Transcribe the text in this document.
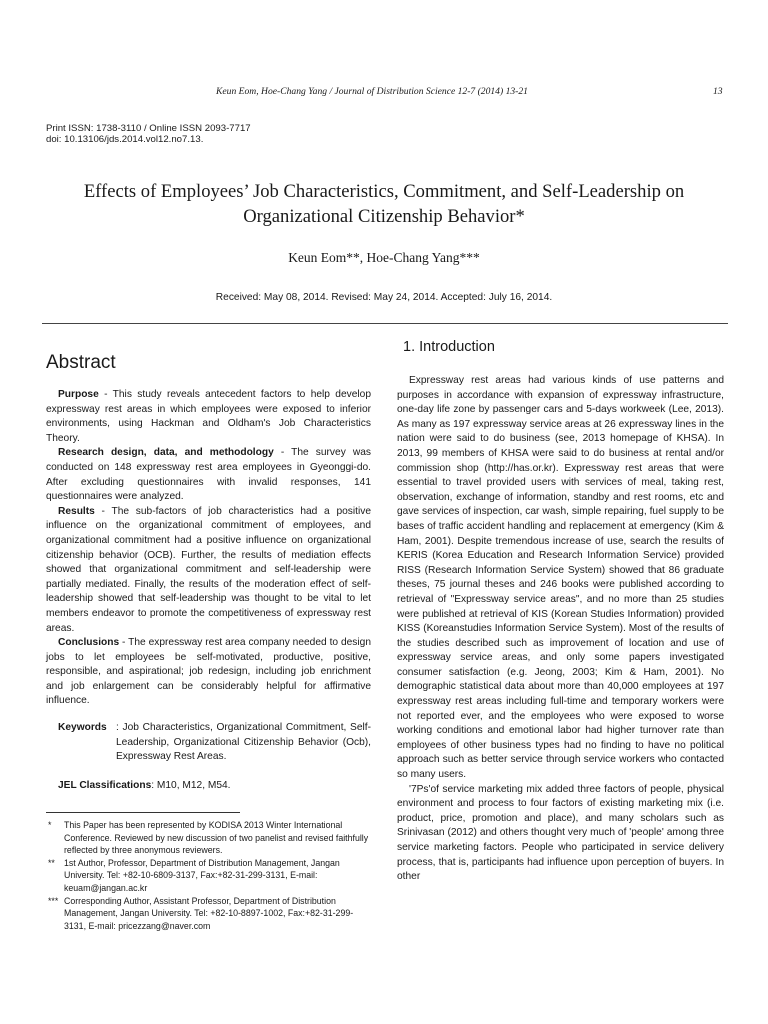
Keun Eom, Hoe-Chang Yang / Journal of Distribution Science 12-7 (2014) 13-21	13
Print ISSN: 1738-3110 / Online ISSN 2093-7717
doi: 10.13106/jds.2014.vol12.no7.13.
Effects of Employees’ Job Characteristics, Commitment, and Self-Leadership on
Organizational Citizenship Behavior*
Keun Eom**, Hoe-Chang Yang***
Received: May 08, 2014. Revised: May 24, 2014. Accepted: July 16, 2014.
Abstract

Purpose - This study reveals antecedent factors to help develop expressway rest areas in which employees were exposed to inferior environments, using Hackman and Oldham's Job Characteristics Theory.

Research design, data, and methodology - The survey was conducted on 148 expressway rest area employees in Gyeonggi-do. After excluding questionnaires with invalid responses, 141 questionnaires were analyzed.

Results - The sub-factors of job characteristics had a positive influence on the organizational commitment of employees, and organizational commitment had a positive influence on organizational citizenship behavior (OCB). Further, the results of mediation effects showed that organizational commitment and self-leadership were partially mediated. Finally, the results of the moderation effect of self-leadership showed that self-leadership was thought to be vital to let members endeavor to promote the competitiveness of expressway rest areas.

Conclusions - The expressway rest area company needed to design jobs to let employees be self-motivated, productive, positive, responsible, and aspirational; job redesign, including job enrichment and job enlargement can be considerably helpful for affirmative influence.

Keywords : Job Characteristics, Organizational Commitment, Self-Leadership, Organizational Citizenship Behavior (Ocb), Expressway Rest Areas.
JEL Classifications: M10, M12, M54.

* This Paper has been represented by KODISA 2013 Winter International Conference. Reviewed by new discussion of two panelist and revised faithfully reflected by three anonymous reviewers.

** 1st Author, Professor, Department of Distribution Management, Jangan University. Tel: +82-10-6809-3137, Fax:+82-31-299-3131, E-mail: keuam@jangan.ac.kr

*** Corresponding Author, Assistant Professor, Department of Distribution Management, Jangan University. Tel: +82-10-8897-1002, Fax:+82-31-299-3131, E-mail: pricezzang@naver.com

1. Introduction

Expressway rest areas had various kinds of use patterns and purposes in accordance with expansion of expressway infrastructure, one-day life zone by passenger cars and 5-days workweek (Lee, 2013). As many as 197 expressway service areas at 26 expressway lines in the nation were said to do business (see, 2013 homepage of KHSA). In 2013, 99 members of KHSA were said to do business at rental and/or commission shop (http://has.or.kr). Expressway rest areas that were essential to travel provided users with services of meal, taking rest, observation, exchange of information, standby and rest rooms, etc and gave services of inspection, car wash, simple repairing, fuel supply to be bases of traffic accident handling and replacement at emergency (Kim & Ham, 2001). Despite tremendous increase of use, search the results of KERIS (Korea Education and Research Information Service) provided RISS (Research Information Service System) showed that 86 graduate theses, 75 journal theses and 246 books were published according to retrieval of "Expressway service areas", and no more than 25 studies were published at retrieval of KIS (Korean Studies Information) provided KISS (Koreanstudies Information Service System). Most of the results of the studies described such as improvement of location and use of expressway service areas, and only some papers investigated consumer satisfaction (e.g. Jeong, 2003; Kim & Ham, 2001). No demographic statistical data about more than 40,000 employees at 197 expressway rest areas including full-time and temporary workers were not reported ever, and the employees who were exposed to worse working conditions and emotional labor had higher turnover rate than employees of other business types had no finding to have no political approach such as better service through service workers who contacted so many users.

'7Ps'of service marketing mix added three factors of people, physical environment and process to four factors of existing marketing mix (i.e. product, price, promotion and place), and many scholars such as Srinivasan (2012) and others thought very much of 'people' among three service marketing factors. People who participated in service delivery process, that is, participants had influence upon perception of buyers. In other
